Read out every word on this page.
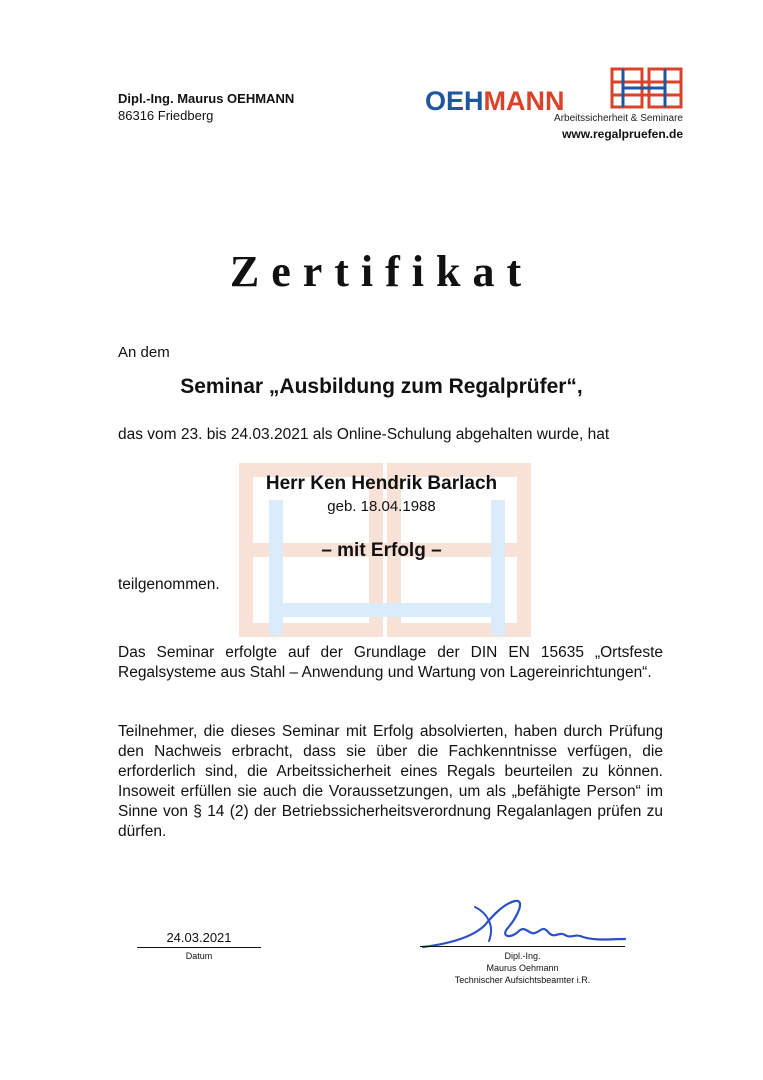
Dipl.-Ing. Maurus OEHMANN
86316 Friedberg	OEHMANN
Arbeitssicherheit & Seminare
www.regalpruefen.de
Zertifikat
An dem
Seminar „Ausbildung zum Regalprüfer“,
das vom 23. bis 24.03.2021 als Online-Schulung abgehalten wurde, hat
Herr Ken Hendrik Barlach
geb. 18.04.1988
– mit Erfolg –
teilgenommen.
Das Seminar erfolgte auf der Grundlage der DIN EN 15635 „Ortsfeste Regalsysteme aus Stahl – Anwendung und Wartung von Lagereinrichtungen“.
Teilnehmer, die dieses Seminar mit Erfolg absolvierten, haben durch Prüfung den Nachweis erbracht, dass sie über die Fachkenntnisse verfügen, die erforderlich sind, die Arbeitssicherheit eines Regals beurteilen zu können. Insoweit erfüllen sie auch die Voraussetzungen, um als „befähigte Person“ im Sinne von § 14 (2) der Betriebssicherheitsverordnung Regalanlagen prüfen zu dürfen.
24.03.2021
Datum	Dipl.-Ing.
Maurus Oehmann
Technischer Aufsichtsbeamter i.R.
